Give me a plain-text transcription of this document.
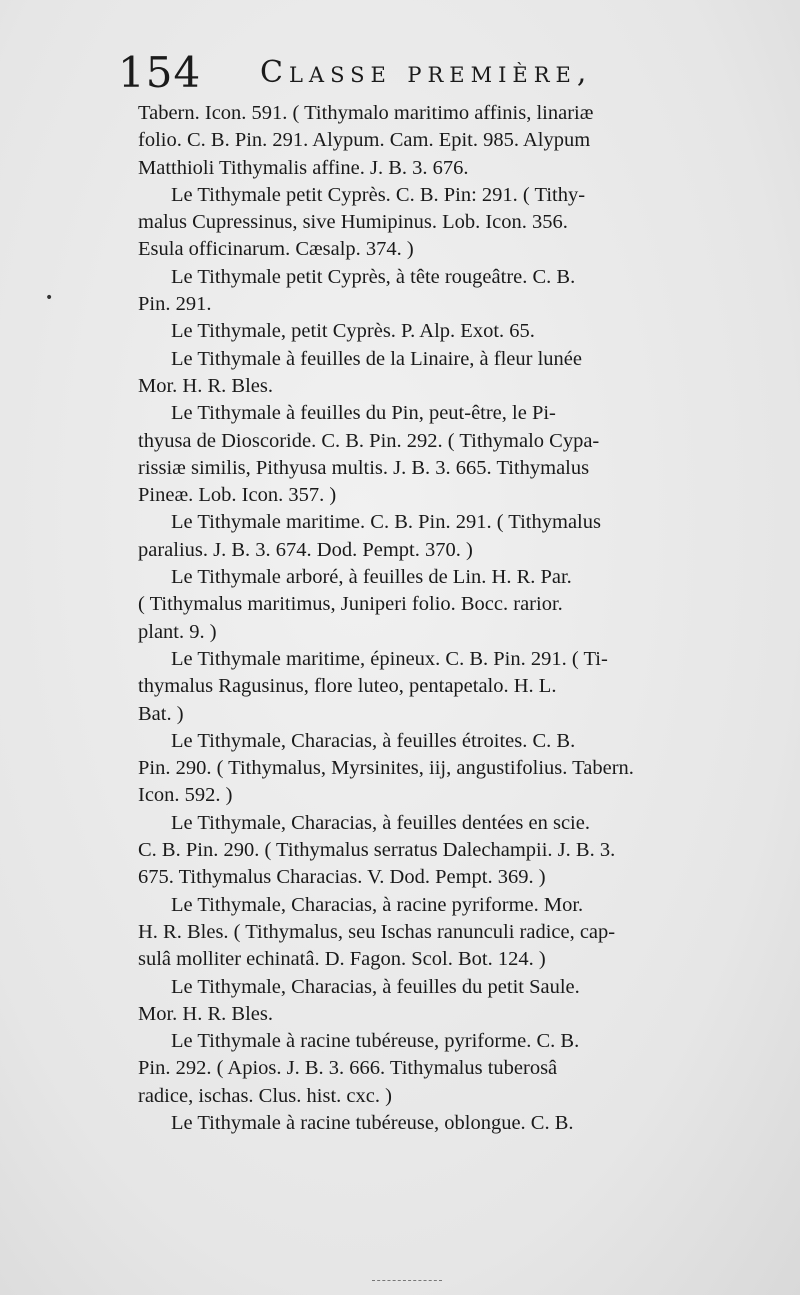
154 Classe première,
•
Tabern. Icon. 591. ( Tithymalo maritimo affinis, linariæ
folio. C. B. Pin. 291. Alypum. Cam. Epit. 985. Alypum
Matthioli Tithymalis affine. J. B. 3. 676.
Le Tithymale petit Cyprès. C. B. Pin: 291. ( Tithy-
malus Cupressinus, sive Humipinus. Lob. Icon. 356.
Esula officinarum. Cæsalp. 374. )
Le Tithymale petit Cyprès, à tête rougeâtre. C. B.
Pin. 291.
Le Tithymale, petit Cyprès. P. Alp. Exot. 65.
Le Tithymale à feuilles de la Linaire, à fleur lunée
Mor. H. R. Bles.
Le Tithymale à feuilles du Pin, peut-être, le Pi-
thyusa de Dioscoride. C. B. Pin. 292. ( Tithymalo Cypa-
rissiæ similis, Pithyusa multis. J. B. 3. 665. Tithymalus
Pineæ. Lob. Icon. 357. )
Le Tithymale maritime. C. B. Pin. 291. ( Tithymalus
paralius. J. B. 3. 674. Dod. Pempt. 370. )
Le Tithymale arboré, à feuilles de Lin. H. R. Par.
( Tithymalus maritimus, Juniperi folio. Bocc. rarior.
plant. 9. )
Le Tithymale maritime, épineux. C. B. Pin. 291. ( Ti-
thymalus Ragusinus, flore luteo, pentapetalo. H. L.
Bat. )
Le Tithymale, Characias, à feuilles étroites. C. B.
Pin. 290. ( Tithymalus, Myrsinites, iij, angustifolius. Tabern.
Icon. 592. )
Le Tithymale, Characias, à feuilles dentées en scie.
C. B. Pin. 290. ( Tithymalus serratus Dalechampii. J. B. 3.
675. Tithymalus Characias. V. Dod. Pempt. 369. )
Le Tithymale, Characias, à racine pyriforme. Mor.
H. R. Bles. ( Tithymalus, seu Ischas ranunculi radice, cap-
sulâ molliter echinatâ. D. Fagon. Scol. Bot. 124. )
Le Tithymale, Characias, à feuilles du petit Saule.
Mor. H. R. Bles.
Le Tithymale à racine tubéreuse, pyriforme. C. B.
Pin. 292. ( Apios. J. B. 3. 666. Tithymalus tuberosâ
radice, ischas. Clus. hist. cxc. )
Le Tithymale à racine tubéreuse, oblongue. C. B.
